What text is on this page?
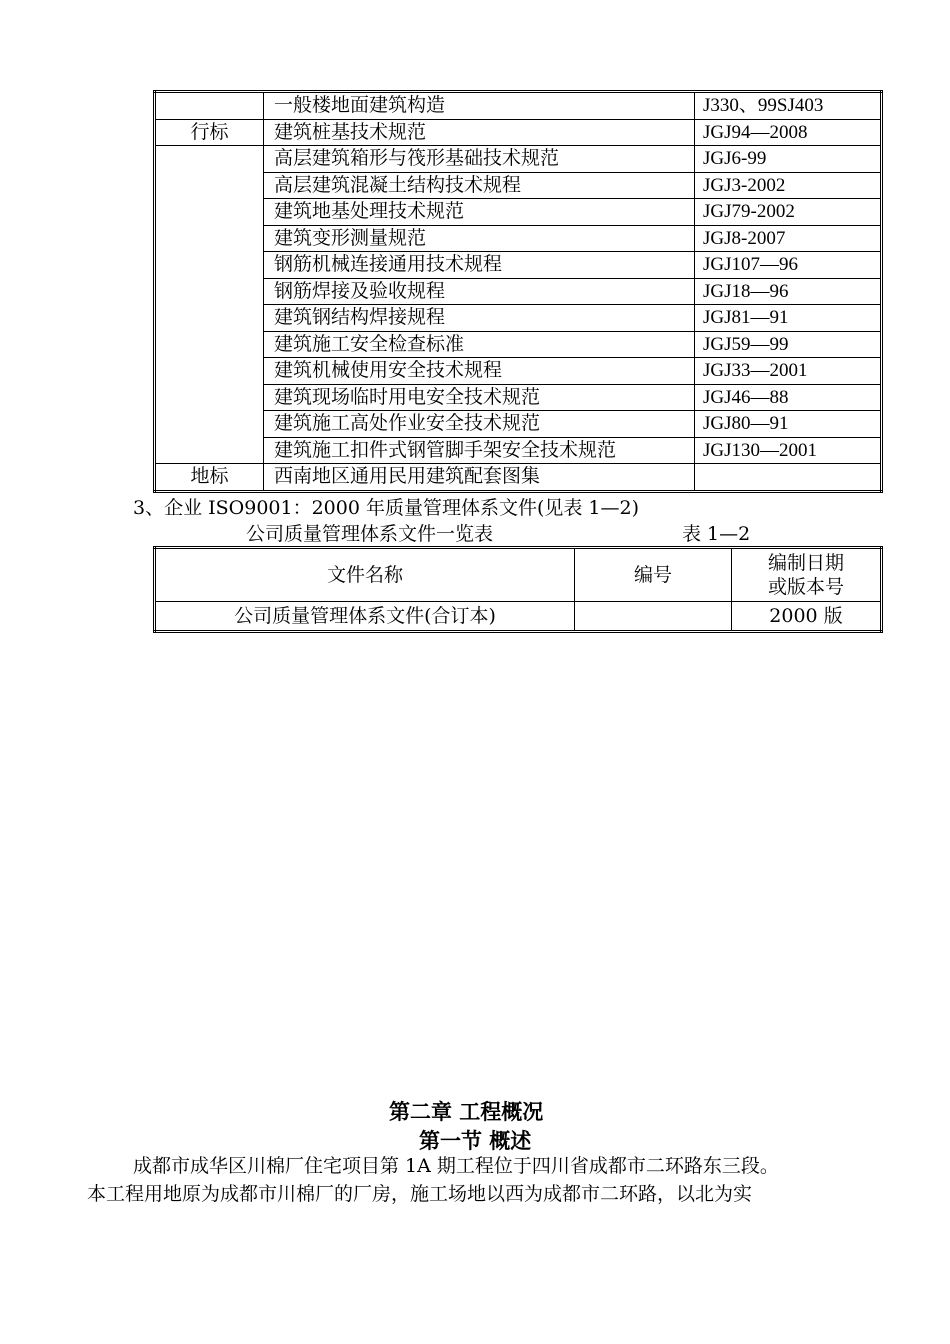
	一般楼地面建筑构造	J330、99SJ403
行标	建筑桩基技术规范	JGJ94—2008
	高层建筑箱形与筏形基础技术规范	JGJ6-99
	高层建筑混凝土结构技术规程	JGJ3-2002
	建筑地基处理技术规范	JGJ79-2002
	建筑变形测量规范	JGJ8-2007
	钢筋机械连接通用技术规程	JGJ107—96
	钢筋焊接及验收规程	JGJ18—96
	建筑钢结构焊接规程	JGJ81—91
	建筑施工安全检查标准	JGJ59—99
	建筑机械使用安全技术规程	JGJ33—2001
	建筑现场临时用电安全技术规范	JGJ46—88
	建筑施工高处作业安全技术规范	JGJ80—91
	建筑施工扣件式钢管脚手架安全技术规范	JGJ130—2001
地标	西南地区通用民用建筑配套图集	
3、企业 ISO9001：2000 年质量管理体系文件(见表 1—2)
公司质量管理体系文件一览表	表 1—2
文件名称	编号	编制日期
或版本号

公司质量管理体系文件(合订本)		2000 版
第二章 工程概况
第一节 概述
成都市成华区川棉厂住宅项目第 1A 期工程位于四川省成都市二环路东三段。
本工程用地原为成都市川棉厂的厂房，施工场地以西为成都市二环路，以北为实
